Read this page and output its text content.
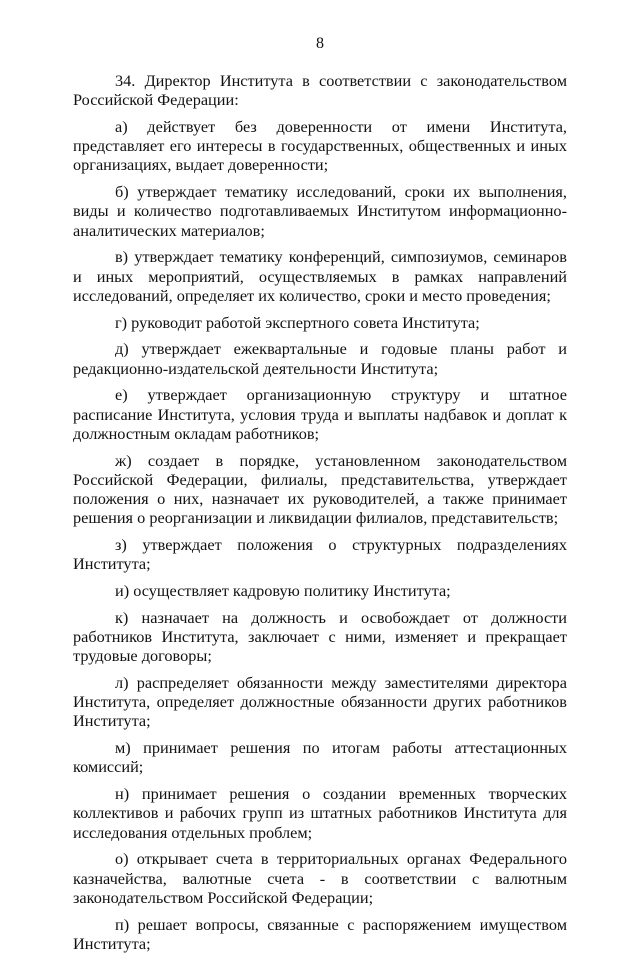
8

34. Директор Института в соответствии с законодательством Российской Федерации:

а) действует без доверенности от имени Института, представляет его интересы в государственных, общественных и иных организациях, выдает доверенности;

б) утверждает тематику исследований, сроки их выполнения, виды и количество подготавливаемых Институтом информационно-аналитических материалов;

в) утверждает тематику конференций, симпозиумов, семинаров и иных мероприятий, осуществляемых в рамках направлений исследований, определяет их количество, сроки и место проведения;

г) руководит работой экспертного совета Института;

д) утверждает ежеквартальные и годовые планы работ и редакционно-издательской деятельности Института;

е) утверждает организационную структуру и штатное расписание Института, условия труда и выплаты надбавок и доплат к должностным окладам работников;

ж) создает в порядке, установленном законодательством Российской Федерации, филиалы, представительства, утверждает положения о них, назначает их руководителей, а также принимает решения о реорганизации и ликвидации филиалов, представительств;

з) утверждает положения о структурных подразделениях Института;

и) осуществляет кадровую политику Института;

к) назначает на должность и освобождает от должности работников Института, заключает с ними, изменяет и прекращает трудовые договоры;

л) распределяет обязанности между заместителями директора Института, определяет должностные обязанности других работников Института;

м) принимает решения по итогам работы аттестационных комиссий;

н) принимает решения о создании временных творческих коллективов и рабочих групп из штатных работников Института для исследования отдельных проблем;

о) открывает счета в территориальных органах Федерального казначейства, валютные счета - в соответствии с валютным законодательством Российской Федерации;

п) решает вопросы, связанные с распоряжением имуществом Института;
